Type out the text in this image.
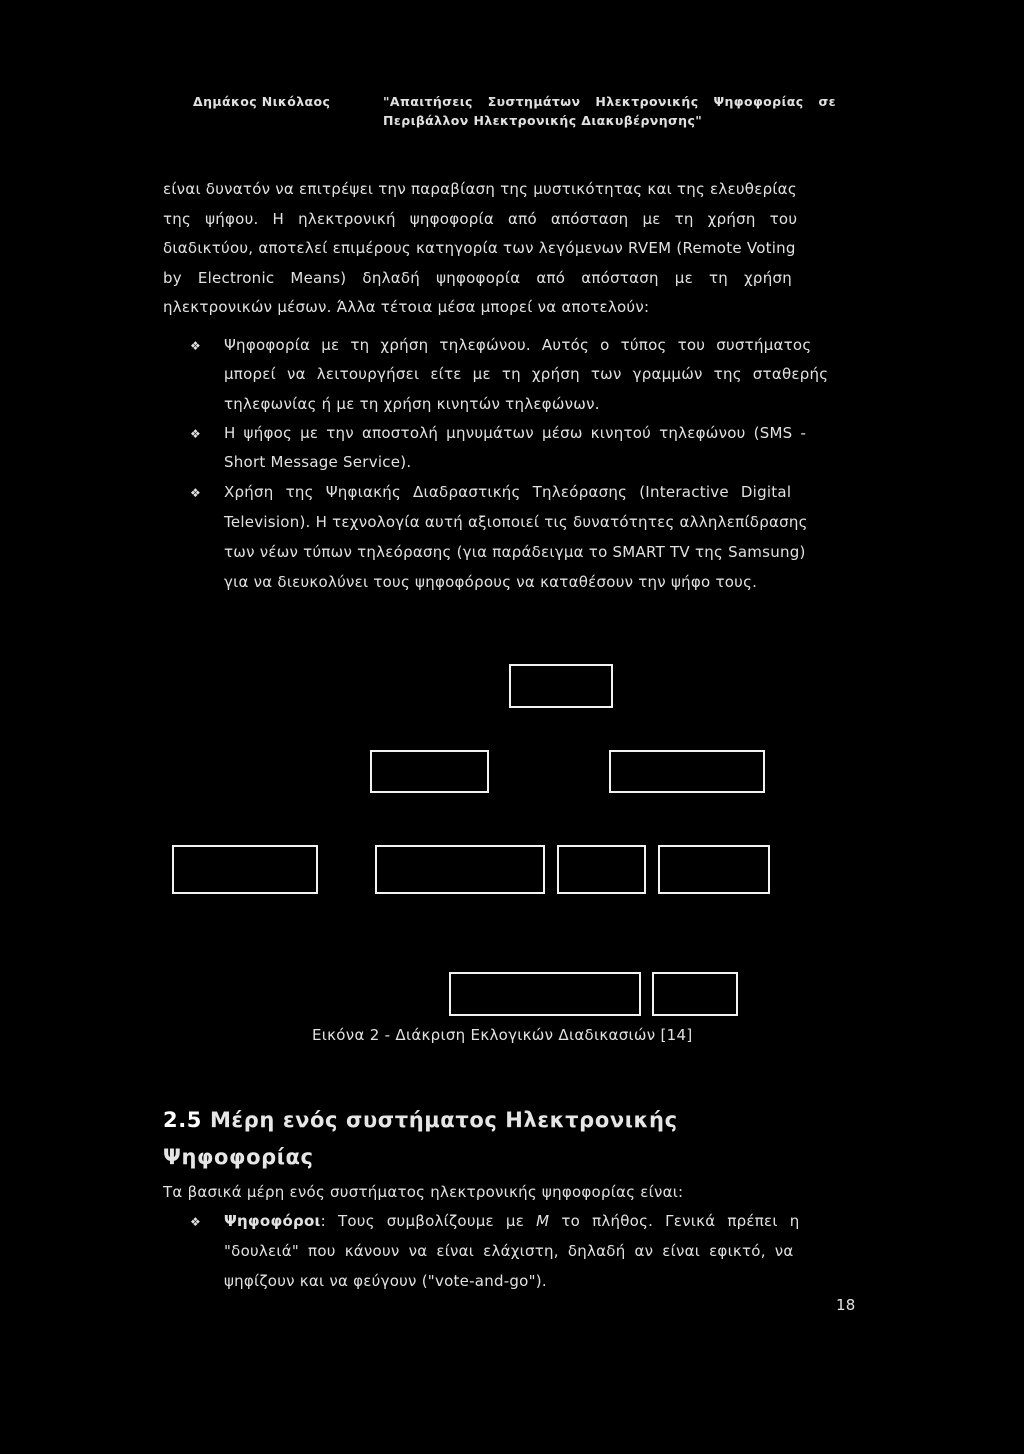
Δημάκος Νικόλαος	"Απαιτήσεις Συστημάτων Ηλεκτρονικής Ψηφοφορίας σε
Περιβάλλον Ηλεκτρονικής Διακυβέρνησης"
είναι δυνατόν να επιτρέψει την παραβίαση της μυστικότητας και της ελευθερίας
της ψήφου. Η ηλεκτρονική ψηφοφορία από απόσταση με τη χρήση του
διαδικτύου, αποτελεί επιμέρους κατηγορία των λεγόμενων RVEM (Remote Voting
by Electronic Means) δηλαδή ψηφοφορία από απόσταση με τη χρήση
ηλεκτρονικών μέσων. Άλλα τέτοια μέσα μπορεί να αποτελούν:
❖ Ψηφοφορία με τη χρήση τηλεφώνου. Αυτός ο τύπος του συστήματος
μπορεί να λειτουργήσει είτε με τη χρήση των γραμμών της σταθερής
τηλεφωνίας ή με τη χρήση κινητών τηλεφώνων.
❖ Η ψήφος με την αποστολή μηνυμάτων μέσω κινητού τηλεφώνου (SMS -
Short Message Service).
❖ Χρήση της Ψηφιακής Διαδραστικής Τηλεόρασης (Interactive Digital
Television). Η τεχνολογία αυτή αξιοποιεί τις δυνατότητες αλληλεπίδρασης
των νέων τύπων τηλεόρασης (για παράδειγμα το SMART TV της Samsung)
για να διευκολύνει τους ψηφοφόρους να καταθέσουν την ψήφο τους.
Εικόνα 2 - Διάκριση Εκλογικών Διαδικασιών [14]
2.5 Μέρη ενός συστήματος Ηλεκτρονικής
Ψηφοφορίας
Τα βασικά μέρη ενός συστήματος ηλεκτρονικής ψηφοφορίας είναι:
❖ Ψηφοφόροι: Τους συμβολίζουμε με Μ το πλήθος. Γενικά πρέπει η
"δουλειά" που κάνουν να είναι ελάχιστη, δηλαδή αν είναι εφικτό, να
ψηφίζουν και να φεύγουν ("vote-and-go").
18
